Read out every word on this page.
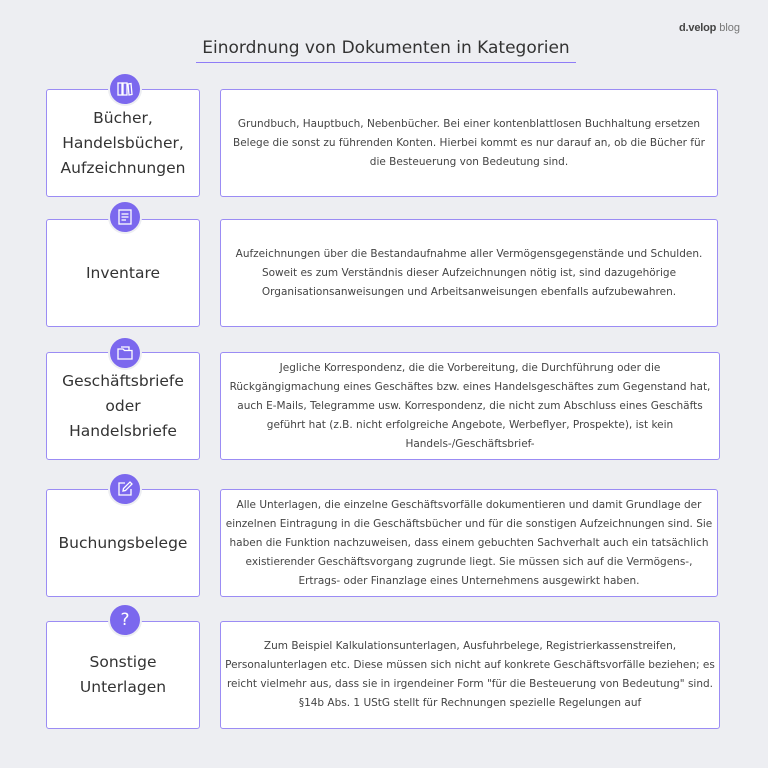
d.velop blog
Einordnung von Dokumenten in Kategorien
Bücher,
Handelsbücher,
Aufzeichnungen
Grundbuch, Hauptbuch, Nebenbücher. Bei einer kontenblattlosen Buchhaltung ersetzen Belege die sonst zu führenden Konten. Hierbei kommt es nur darauf an, ob die Bücher für die Besteuerung von Bedeutung sind.
Inventare
Aufzeichnungen über die Bestandaufnahme aller Vermögensgegenstände und Schulden. Soweit es zum Verständnis dieser Aufzeichnungen nötig ist, sind dazugehörige Organisationsanweisungen und Arbeitsanweisungen ebenfalls aufzubewahren.
Geschäftsbriefe
oder
Handelsbriefe
Jegliche Korrespondenz, die die Vorbereitung, die Durchführung oder die Rückgängigmachung eines Geschäftes bzw. eines Handelsgeschäftes zum Gegenstand hat, auch E-Mails, Telegramme usw. Korrespondenz, die nicht zum Abschluss eines Geschäfts geführt hat (z.B. nicht erfolgreiche Angebote, Werbeflyer, Prospekte), ist kein Handels-/Geschäftsbrief-
Buchungsbelege
Alle Unterlagen, die einzelne Geschäftsvorfälle dokumentieren und damit Grundlage der einzelnen Eintragung in die Geschäftsbücher und für die sonstigen Aufzeichnungen sind. Sie haben die Funktion nachzuweisen, dass einem gebuchten Sachverhalt auch ein tatsächlich existierender Geschäftsvorgang zugrunde liegt. Sie müssen sich auf die Vermögens-, Ertrags- oder Finanzlage eines Unternehmens ausgewirkt haben.
Sonstige
Unterlagen
Zum Beispiel Kalkulationsunterlagen, Ausfuhrbelege, Registrierkassenstreifen, Personalunterlagen etc. Diese müssen sich nicht auf konkrete Geschäftsvorfälle beziehen; es reicht vielmehr aus, dass sie in irgendeiner Form "für die Besteuerung von Bedeutung" sind. §14b Abs. 1 UStG stellt für Rechnungen spezielle Regelungen auf
?
